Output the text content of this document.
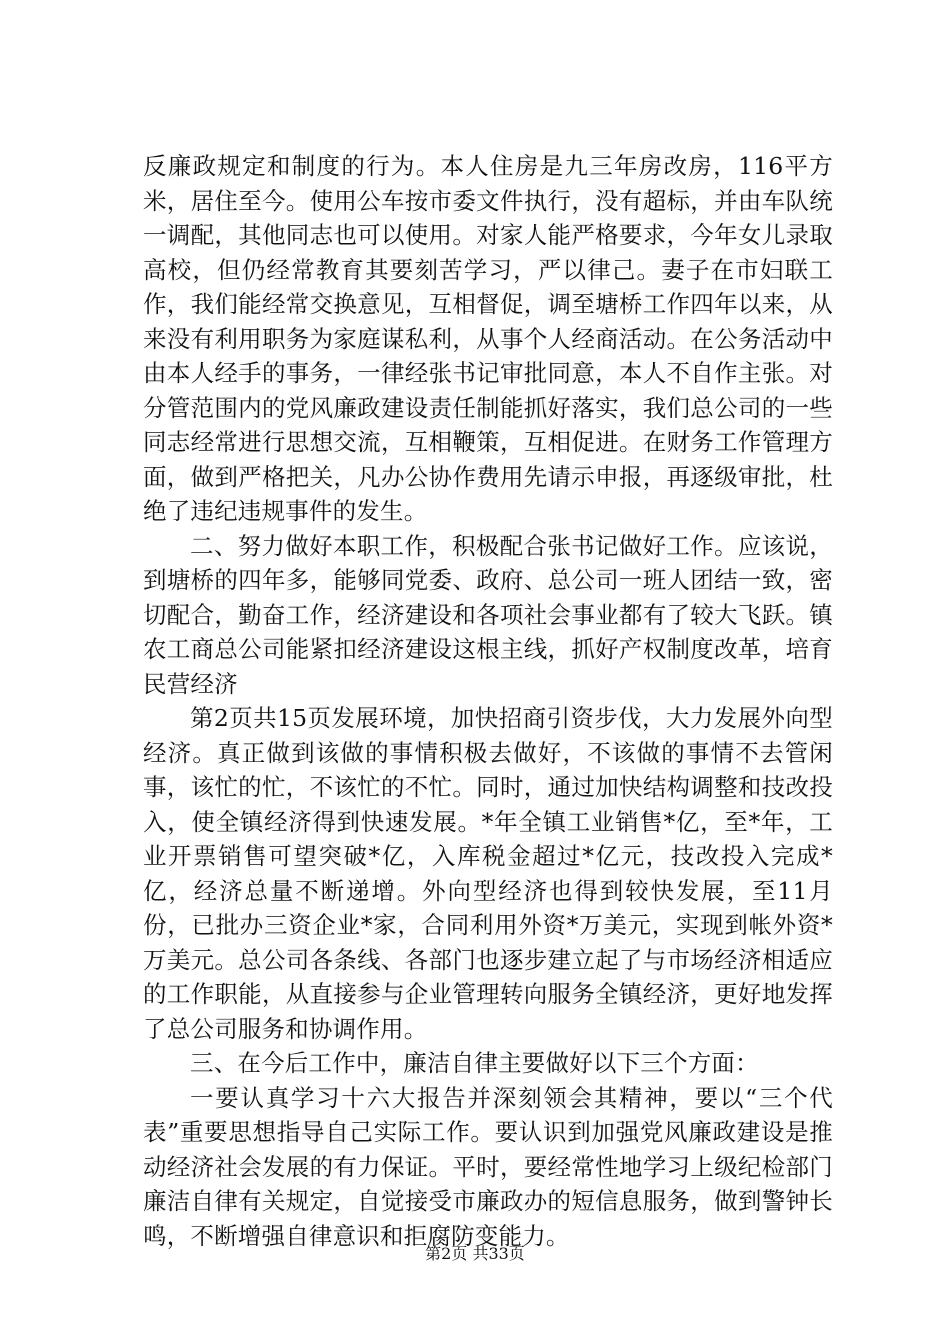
反廉政规定和制度的行为。本人住房是九三年房改房，116平方米，居住至今。使用公车按市委文件执行，没有超标，并由车队统一调配，其他同志也可以使用。对家人能严格要求，今年女儿录取高校，但仍经常教育其要刻苦学习，严以律己。妻子在市妇联工作，我们能经常交换意见，互相督促，调至塘桥工作四年以来，从来没有利用职务为家庭谋私利，从事个人经商活动。在公务活动中由本人经手的事务，一律经张书记审批同意，本人不自作主张。对分管范围内的党风廉政建设责任制能抓好落实，我们总公司的一些同志经常进行思想交流，互相鞭策，互相促进。在财务工作管理方面，做到严格把关，凡办公协作费用先请示申报，再逐级审批，杜绝了违纪违规事件的发生。

二、努力做好本职工作，积极配合张书记做好工作。应该说，到塘桥的四年多，能够同党委、政府、总公司一班人团结一致，密切配合，勤奋工作，经济建设和各项社会事业都有了较大飞跃。镇农工商总公司能紧扣经济建设这根主线，抓好产权制度改革，培育民营经济

第2页共15页发展环境，加快招商引资步伐，大力发展外向型经济。真正做到该做的事情积极去做好，不该做的事情不去管闲事，该忙的忙，不该忙的不忙。同时，通过加快结构调整和技改投入，使全镇经济得到快速发展。*年全镇工业销售*亿，至*年，工业开票销售可望突破*亿，入库税金超过*亿元，技改投入完成*亿，经济总量不断递增。外向型经济也得到较快发展，至11月份，已批办三资企业*家，合同利用外资*万美元，实现到帐外资*万美元。总公司各条线、各部门也逐步建立起了与市场经济相适应的工作职能，从直接参与企业管理转向服务全镇经济，更好地发挥了总公司服务和协调作用。

三、在今后工作中，廉洁自律主要做好以下三个方面：

一要认真学习十六大报告并深刻领会其精神，要以“三个代表”重要思想指导自己实际工作。要认识到加强党风廉政建设是推动经济社会发展的有力保证。平时，要经常性地学习上级纪检部门廉洁自律有关规定，自觉接受市廉政办的短信息服务，做到警钟长鸣，不断增强自律意识和拒腐防变能力。

第2页 共33页
